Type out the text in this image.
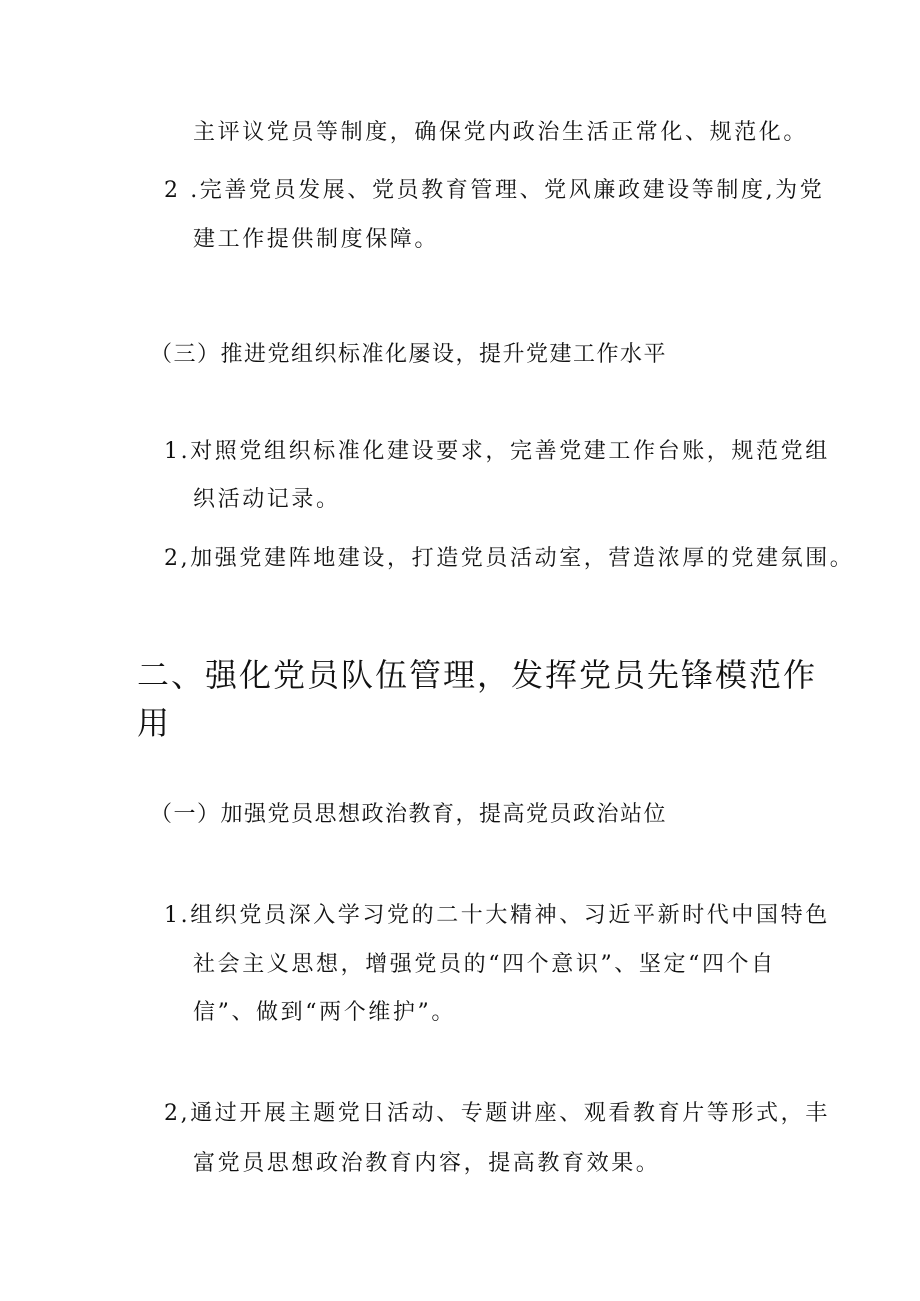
主评议党员等制度，确保党内政治生活正常化、规范化。
2 .完善党员发展、党员教育管理、党风廉政建设等制度,为党
建工作提供制度保障。
（三）推进党组织标准化屡设，提升党建工作水平
1.对照党组织标准化建设要求，完善党建工作台账，规范党组
织活动记录。
2,加强党建阵地建设，打造党员活动室，营造浓厚的党建氛围。
二、强化党员队伍管理，发挥党员先锋模范作
用
（一）加强党员思想政治教育，提高党员政治站位
1.组织党员深入学习党的二十大精神、习近平新时代中国特色
社会主义思想，增强党员的“四个意识”、坚定“四个自
信”、做到“两个维护”。
2,通过开展主题党日活动、专题讲座、观看教育片等形式，丰
富党员思想政治教育内容，提高教育效果。
